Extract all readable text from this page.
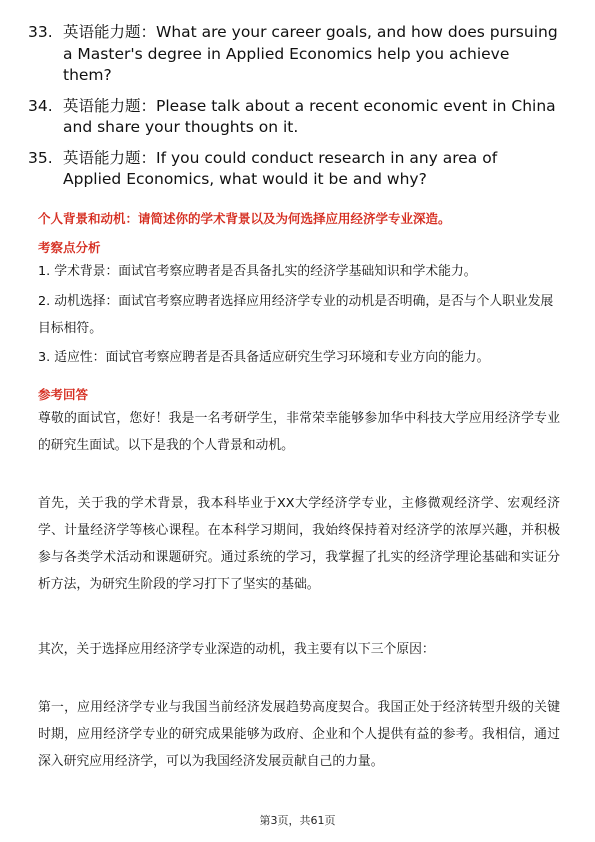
33. 英语能力题：What are your career goals, and how does pursuing a Master's degree in Applied Economics help you achieve them?
34. 英语能力题：Please talk about a recent economic event in China and share your thoughts on it.
35. 英语能力题：If you could conduct research in any area of Applied Economics, what would it be and why?
个人背景和动机：请简述你的学术背景以及为何选择应用经济学专业深造。
考察点分析
1. 学术背景：面试官考察应聘者是否具备扎实的经济学基础知识和学术能力。
2. 动机选择：面试官考察应聘者选择应用经济学专业的动机是否明确，是否与个人职业发展目标相符。
3. 适应性：面试官考察应聘者是否具备适应研究生学习环境和专业方向的能力。
参考回答
尊敬的面试官，您好！我是一名考研学生，非常荣幸能够参加华中科技大学应用经济学专业的研究生面试。以下是我的个人背景和动机。
首先，关于我的学术背景，我本科毕业于XX大学经济学专业，主修微观经济学、宏观经济学、计量经济学等核心课程。在本科学习期间，我始终保持着对经济学的浓厚兴趣，并积极参与各类学术活动和课题研究。通过系统的学习，我掌握了扎实的经济学理论基础和实证分析方法，为研究生阶段的学习打下了坚实的基础。
其次，关于选择应用经济学专业深造的动机，我主要有以下三个原因：
第一，应用经济学专业与我国当前经济发展趋势高度契合。我国正处于经济转型升级的关键时期，应用经济学专业的研究成果能够为政府、企业和个人提供有益的参考。我相信，通过深入研究应用经济学，可以为我国经济发展贡献自己的力量。
第3页，共61页
